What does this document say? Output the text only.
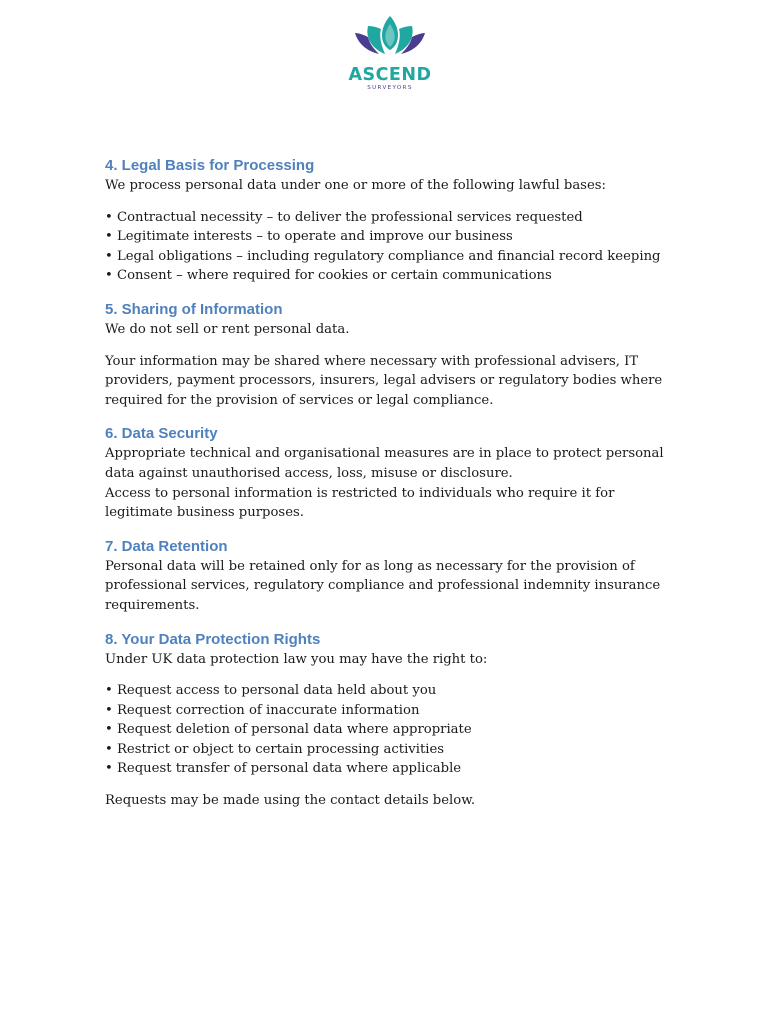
ASCEND
SURVEYORS
4. Legal Basis for Processing

We process personal data under one or more of the following lawful bases:

• Contractual necessity – to deliver the professional services requested
• Legitimate interests – to operate and improve our business
• Legal obligations – including regulatory compliance and financial record keeping
• Consent – where required for cookies or certain communications
5. Sharing of Information

We do not sell or rent personal data.

Your information may be shared where necessary with professional advisers, IT providers, payment processors, insurers, legal advisers or regulatory bodies where required for the provision of services or legal compliance.

6. Data Security

Appropriate technical and organisational measures are in place to protect personal data against unauthorised access, loss, misuse or disclosure.

Access to personal information is restricted to individuals who require it for legitimate business purposes.

7. Data Retention

Personal data will be retained only for as long as necessary for the provision of professional services, regulatory compliance and professional indemnity insurance requirements.

8. Your Data Protection Rights

Under UK data protection law you may have the right to:

• Request access to personal data held about you
• Request correction of inaccurate information
• Request deletion of personal data where appropriate
• Restrict or object to certain processing activities
• Request transfer of personal data where applicable

Requests may be made using the contact details below.
